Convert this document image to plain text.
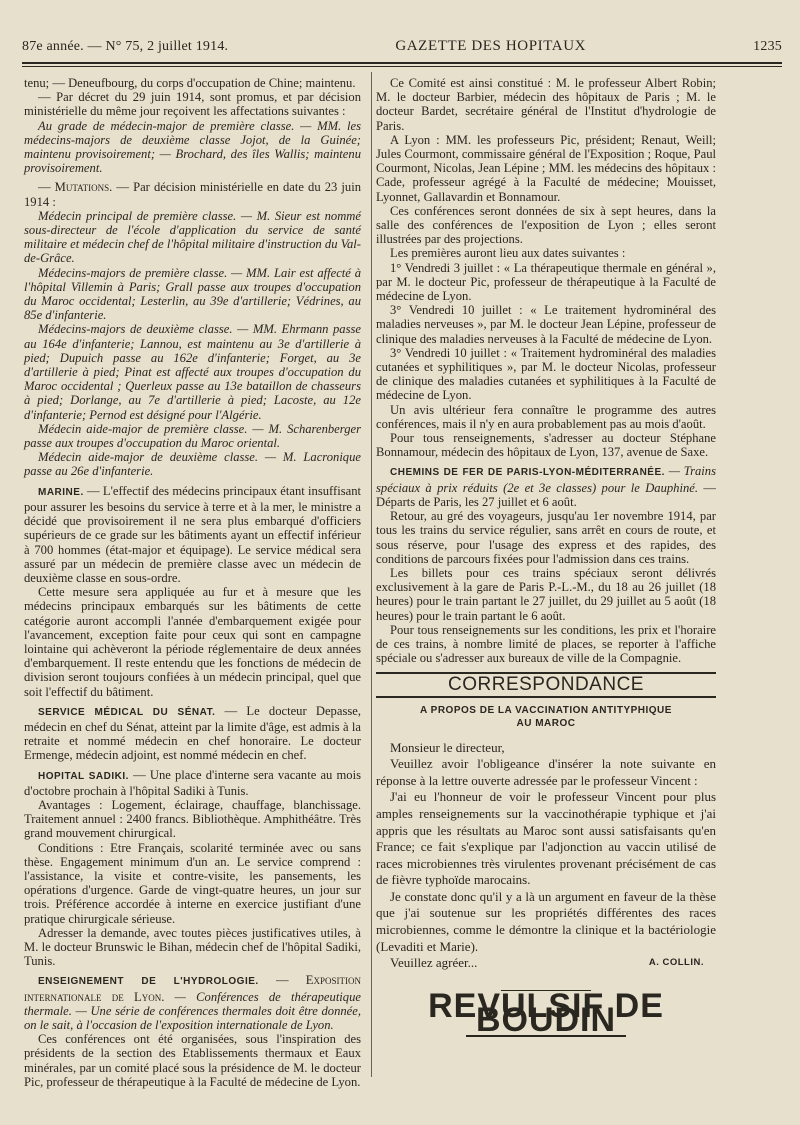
87e année. — N° 75, 2 juillet 1914.	GAZETTE DES HOPITAUX	1235

tenu; — Deneufbourg, du corps d'occupation de Chine; maintenu.

— Par décret du 29 juin 1914, sont promus, et par décision ministérielle du même jour reçoivent les affectations suivantes :

Au grade de médecin-major de première classe. — MM. les médecins-majors de deuxième classe Jojot, de la Guinée; maintenu provisoirement; — Brochard, des îles Wallis; maintenu provisoirement.

— Mutations. — Par décision ministérielle en date du 23 juin 1914 :

Médecin principal de première classe. — M. Sieur est nommé sous-directeur de l'école d'application du service de santé militaire et médecin chef de l'hôpital militaire d'instruction du Val-de-Grâce.

Médecins-majors de première classe. — MM. Lair est affecté à l'hôpital Villemin à Paris; Grall passe aux troupes d'occupation du Maroc occidental; Lesterlin, au 39e d'artillerie; Védrines, au 85e d'infanterie.

Médecins-majors de deuxième classe. — MM. Ehrmann passe au 164e d'infanterie; Lannou, est maintenu au 3e d'artillerie à pied; Dupuich passe au 162e d'infanterie; Forget, au 3e d'artillerie à pied; Pinat est affecté aux troupes d'occupation du Maroc occidental ; Querleux passe au 13e bataillon de chasseurs à pied; Dorlange, au 7e d'artillerie à pied; Lacoste, au 12e d'infanterie; Pernod est désigné pour l'Algérie.

Médecin aide-major de première classe. — M. Scharenberger passe aux troupes d'occupation du Maroc oriental.

Médecin aide-major de deuxième classe. — M. Lacronique passe au 26e d'infanterie.

MARINE. — L'effectif des médecins principaux étant insuffisant pour assurer les besoins du service à terre et à la mer, le ministre a décidé que provisoirement il ne sera plus embarqué d'officiers supérieurs de ce grade sur les bâtiments ayant un effectif inférieur à 700 hommes (état-major et équipage). Le service médical sera assuré par un médecin de première classe avec un médecin de deuxième classe en sous-ordre.

Cette mesure sera appliquée au fur et à mesure que les médecins principaux embarqués sur les bâtiments de cette catégorie auront accompli l'année d'embarquement exigée pour l'avancement, exception faite pour ceux qui sont en campagne lointaine qui achèveront la période réglementaire de deux années d'embarquement. Il reste entendu que les fonctions de médecin de division seront toujours confiées à un médecin principal, quel que soit l'effectif du bâtiment.

SERVICE MÉDICAL DU SÉNAT. — Le docteur Depasse, médecin en chef du Sénat, atteint par la limite d'âge, est admis à la retraite et nommé médecin en chef honoraire. Le docteur Ermenge, médecin adjoint, est nommé médecin en chef.

HOPITAL SADIKI. — Une place d'interne sera vacante au mois d'octobre prochain à l'hôpital Sadiki à Tunis.

Avantages : Logement, éclairage, chauffage, blanchissage. Traitement annuel : 2400 francs. Bibliothèque. Amphithéâtre. Très grand mouvement chirurgical.

Conditions : Etre Français, scolarité terminée avec ou sans thèse. Engagement minimum d'un an. Le service comprend : l'assistance, la visite et contre-visite, les pansements, les opérations d'urgence. Garde de vingt-quatre heures, un jour sur trois. Préférence accordée à interne en exercice justifiant d'une pratique chirurgicale sérieuse.

Adresser la demande, avec toutes pièces justificatives utiles, à M. le docteur Brunswic le Bihan, médecin chef de l'hôpital Sadiki, Tunis.

ENSEIGNEMENT DE L'HYDROLOGIE. — Exposition internationale de Lyon. — Conférences de thérapeutique thermale. — Une série de conférences thermales doit être donnée, on le sait, à l'occasion de l'exposition internationale de Lyon.

Ces conférences ont été organisées, sous l'inspiration des présidents de la section des Etablissements thermaux et Eaux minérales, par un comité placé sous la présidence de M. le docteur Pic, professeur de thérapeutique à la Faculté de médecine de Lyon.

Ce Comité est ainsi constitué : M. le professeur Albert Robin; M. le docteur Barbier, médecin des hôpitaux de Paris ; M. le docteur Bardet, secrétaire général de l'Institut d'hydrologie de Paris.

A Lyon : MM. les professeurs Pic, président; Renaut, Weill; Jules Courmont, commissaire général de l'Exposition ; Roque, Paul Courmont, Nicolas, Jean Lépine ; MM. les médecins des hôpitaux : Cade, professeur agrégé à la Faculté de médecine; Mouisset, Lyonnet, Gallavardin et Bonnamour.

Ces conférences seront données de six à sept heures, dans la salle des conférences de l'exposition de Lyon ; elles seront illustrées par des projections.

Les premières auront lieu aux dates suivantes :

1° Vendredi 3 juillet : « La thérapeutique thermale en général », par M. le docteur Pic, professeur de thérapeutique à la Faculté de médecine de Lyon.

3° Vendredi 10 juillet : « Le traitement hydrominéral des maladies nerveuses », par M. le docteur Jean Lépine, professeur de clinique des maladies nerveuses à la Faculté de médecine de Lyon.

3° Vendredi 10 juillet : « Traitement hydrominéral des maladies cutanées et syphilitiques », par M. le docteur Nicolas, professeur de clinique des maladies cutanées et syphilitiques à la Faculté de médecine de Lyon.

Un avis ultérieur fera connaître le programme des autres conférences, mais il n'y en aura probablement pas au mois d'août.

Pour tous renseignements, s'adresser au docteur Stéphane Bonnamour, médecin des hôpitaux de Lyon, 137, avenue de Saxe.

CHEMINS DE FER DE PARIS-LYON-MÉDITERRANÉE. — Trains spéciaux à prix réduits (2e et 3e classes) pour le Dauphiné. — Départs de Paris, les 27 juillet et 6 août.

Retour, au gré des voyageurs, jusqu'au 1er novembre 1914, par tous les trains du service régulier, sans arrêt en cours de route, et sous réserve, pour l'usage des express et des rapides, des conditions de parcours fixées pour l'admission dans ces trains.

Les billets pour ces trains spéciaux seront délivrés exclusivement à la gare de Paris P.-L.-M., du 18 au 26 juillet (18 heures) pour le train partant le 27 juillet, du 29 juillet au 5 août (18 heures) pour le train partant le 6 août.

Pour tous renseignements sur les conditions, les prix et l'horaire de ces trains, à nombre limité de places, se reporter à l'affiche spéciale ou s'adresser aux bureaux de ville de la Compagnie.

CORRESPONDANCE
A PROPOS DE LA VACCINATION ANTITYPHIQUE
AU MAROC

Monsieur le directeur,

Veuillez avoir l'obligeance d'insérer la note suivante en réponse à la lettre ouverte adressée par le professeur Vincent :

J'ai eu l'honneur de voir le professeur Vincent pour plus amples renseignements sur la vaccinothérapie typhique et j'ai appris que les résultats au Maroc sont aussi satisfaisants qu'en France; ce fait s'explique par l'adjonction au vaccin utilisé de races microbiennes très virulentes provenant précisément de cas de fièvre typhoïde marocains.

Je constate donc qu'il y a là un argument en faveur de la thèse que j'ai soutenue sur les propriétés différentes des races microbiennes, comme le démontre la clinique et la bactériologie (Levaditi et Marie).

Veuillez agréer...	A. COLLIN.

REVULSIF DE BOUDIN
